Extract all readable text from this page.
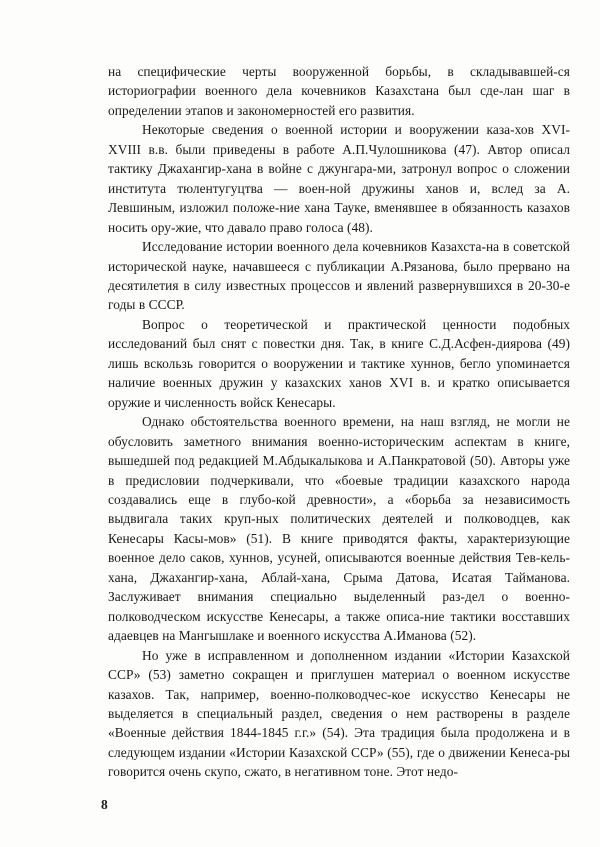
на специфические черты вооруженной борьбы, в складывавшей-ся историографии военного дела кочевников Казахстана был сде-лан шаг в определении этапов и закономерностей его развития.

Некоторые сведения о военной истории и вооружении каза-хов XVI-XVIII в.в. были приведены в работе А.П.Чулошникова (47). Автор описал тактику Джахангир-хана в войне с джунгара-ми, затронул вопрос о сложении института тюлентугуцтва — воен-ной дружины ханов и, вслед за А. Левшиным, изложил положе-ние хана Тауке, вменявшее в обязанность казахов носить ору-жие, что давало право голоса (48).

Исследование истории военного дела кочевников Казахста-на в советской исторической науке, начавшееся с публикации А.Рязанова, было прервано на десятилетия в силу известных процессов и явлений развернувшихся в 20-30-е годы в СССР.

Вопрос о теоретической и практической ценности подобных исследований был снят с повестки дня. Так, в книге С.Д.Асфен-диярова (49) лишь вскользь говорится о вооружении и тактике хуннов, бегло упоминается наличие военных дружин у казахских ханов XVI в. и кратко описывается оружие и численность войск Кенесары.

Однако обстоятельства военного времени, на наш взгляд, не могли не обусловить заметного внимания военно-историческим аспектам в книге, вышедшей под редакцией М.Абдыкалыкова и А.Панкратовой (50). Авторы уже в предисловии подчеркивали, что «боевые традиции казахского народа создавались еще в глубо-кой древности», а «борьба за независимость выдвигала таких круп-ных политических деятелей и полководцев, как Кенесары Касы-мов» (51). В книге приводятся факты, характеризующие военное дело саков, хуннов, усуней, описываются военные действия Тев-кель-хана, Джахангир-хана, Аблай-хана, Срыма Датова, Исатая Тайманова. Заслуживает внимания специально выделенный раз-дел о военно-полководческом искусстве Кенесары, а также описа-ние тактики восставших адаевцев на Мангышлаке и военного искусства А.Иманова (52).

Но уже в исправленном и дополненном издании «Истории Казахской ССР» (53) заметно сокращен и приглушен материал о военном искусстве казахов. Так, например, военно-полководчес-кое искусство Кенесары не выделяется в специальный раздел, сведения о нем растворены в разделе «Военные действия 1844-1845 г.г.» (54). Эта традиция была продолжена и в следующем издании «Истории Казахской ССР» (55), где о движении Кенеса-ры говорится очень скупо, сжато, в негативном тоне. Этот недо-

8
